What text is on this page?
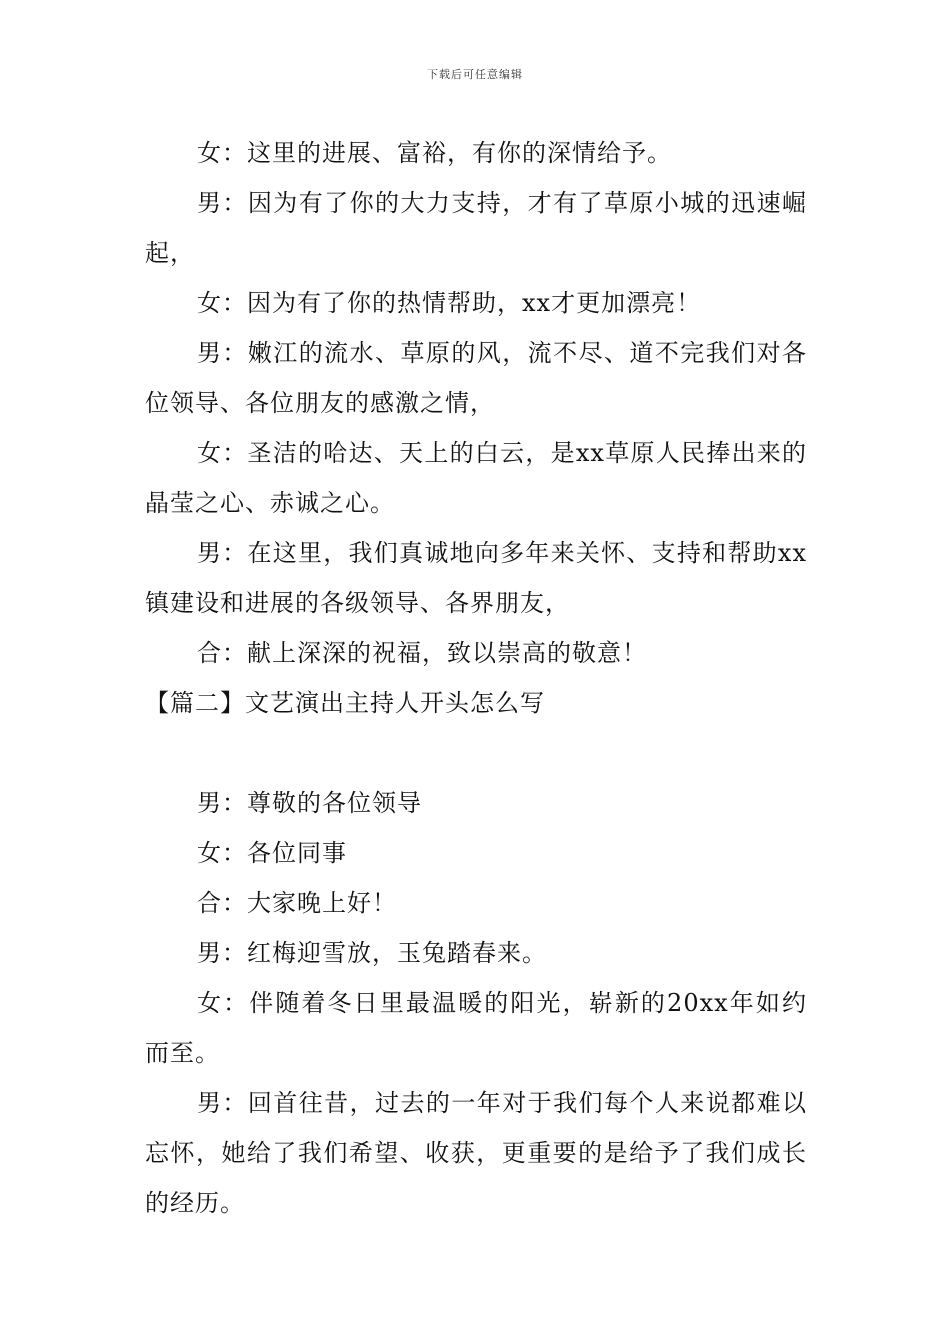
下载后可任意编辑

女：这里的进展、富裕，有你的深情给予。

男：因为有了你的大力支持，才有了草原小城的迅速崛起，

女：因为有了你的热情帮助，xx才更加漂亮！

男：嫩江的流水、草原的风，流不尽、道不完我们对各位领导、各位朋友的感激之情，

女：圣洁的哈达、天上的白云，是xx草原人民捧出来的晶莹之心、赤诚之心。

男：在这里，我们真诚地向多年来关怀、支持和帮助xx镇建设和进展的各级领导、各界朋友，

合：献上深深的祝福，致以崇高的敬意！

【篇二】文艺演出主持人开头怎么写

男：尊敬的各位领导

女：各位同事

合：大家晚上好！

男：红梅迎雪放，玉兔踏春来。

女：伴随着冬日里最温暖的阳光，崭新的20xx年如约而至。

男：回首往昔，过去的一年对于我们每个人来说都难以忘怀，她给了我们希望、收获，更重要的是给予了我们成长的经历。
